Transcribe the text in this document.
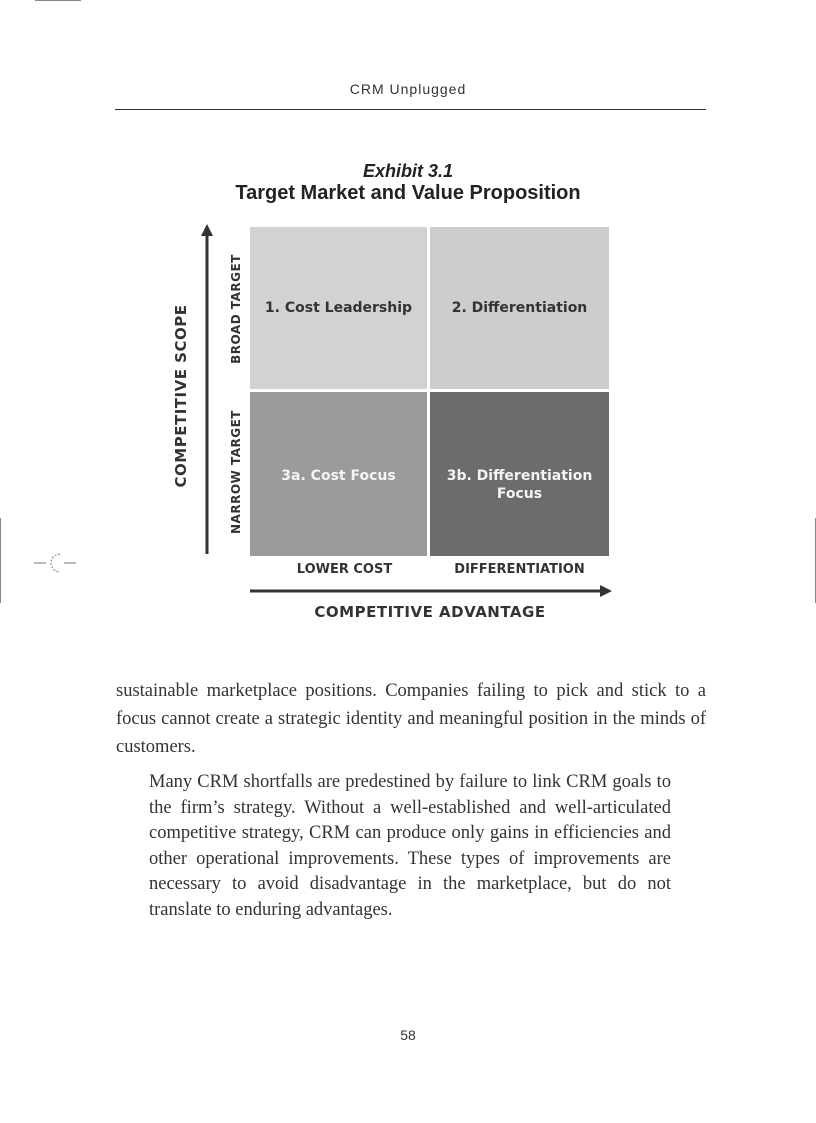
CRM Unplugged
Exhibit 3.1
Target Market and Value Proposition
COMPETITIVE SCOPE	BROAD TARGET
NARROW TARGET
1. Cost Leadership	2. Differentiation
3a. Cost Focus	3b. Differentiation
Focus
LOWER COST	DIFFERENTIATION
COMPETITIVE ADVANTAGE

sustainable marketplace positions. Companies failing to pick and stick to a focus cannot create a strategic identity and meaningful position in the minds of customers.

Many CRM shortfalls are predestined by failure to link CRM goals to the firm’s strategy. Without a well-established and well-articulated competitive strategy, CRM can produce only gains in efficiencies and other operational improvements. These types of improvements are necessary to avoid disadvantage in the marketplace, but do not translate to enduring advantages.

58
